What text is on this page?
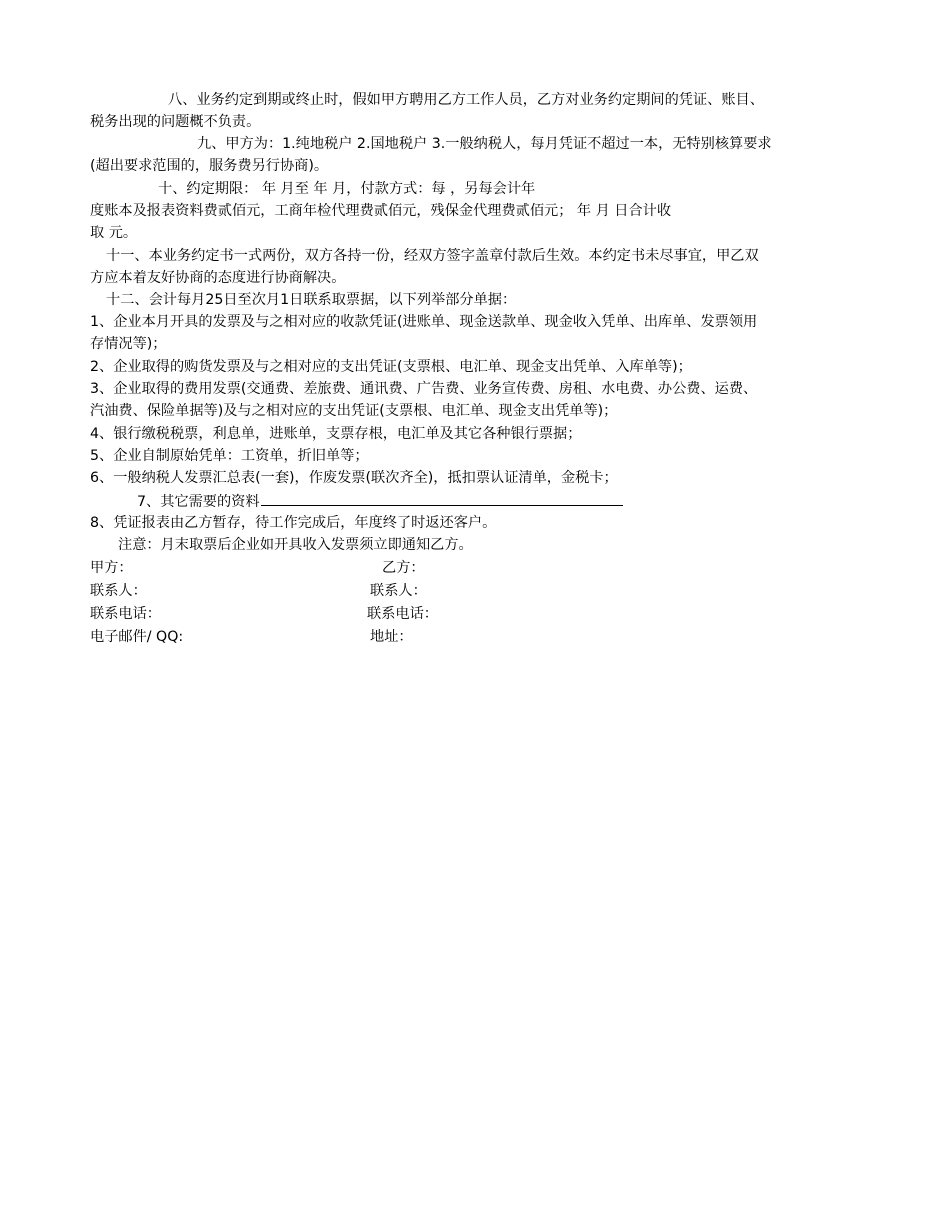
八、业务约定到期或终止时，假如甲方聘用乙方工作人员，乙方对业务约定期间的凭证、账目、
税务出现的问题概不负责。
九、甲方为：1.纯地税户 2.国地税户 3.一般纳税人，每月凭证不超过一本，无特别核算要求
(超出要求范围的，服务费另行协商)。
十、约定期限： 年 月至 年 月，付款方式：每 ，另每会计年
度账本及报表资料费贰佰元，工商年检代理费贰佰元，残保金代理费贰佰元； 年 月 日合计收
取 元。
十一、本业务约定书一式两份，双方各持一份，经双方签字盖章付款后生效。本约定书未尽事宜，甲乙双
方应本着友好协商的态度进行协商解决。
十二、会计每月25日至次月1日联系取票据，以下列举部分单据：
1、企业本月开具的发票及与之相对应的收款凭证(进账单、现金送款单、现金收入凭单、出库单、发票领用
存情况等)；
2、企业取得的购货发票及与之相对应的支出凭证(支票根、电汇单、现金支出凭单、入库单等)；
3、企业取得的费用发票(交通费、差旅费、通讯费、广告费、业务宣传费、房租、水电费、办公费、运费、
汽油费、保险单据等)及与之相对应的支出凭证(支票根、电汇单、现金支出凭单等)；
4、银行缴税税票，利息单，进账单，支票存根，电汇单及其它各种银行票据；
5、企业自制原始凭单：工资单，折旧单等；
6、一般纳税人发票汇总表(一套)，作废发票(联次齐全)，抵扣票认证清单，金税卡；
7、其它需要的资料
8、凭证报表由乙方暂存，待工作完成后，年度终了时返还客户。
注意：月末取票后企业如开具收入发票须立即通知乙方。
甲方：	乙方：
联系人：	联系人：
联系电话：	联系电话：
电子邮件/ QQ:	地址：
